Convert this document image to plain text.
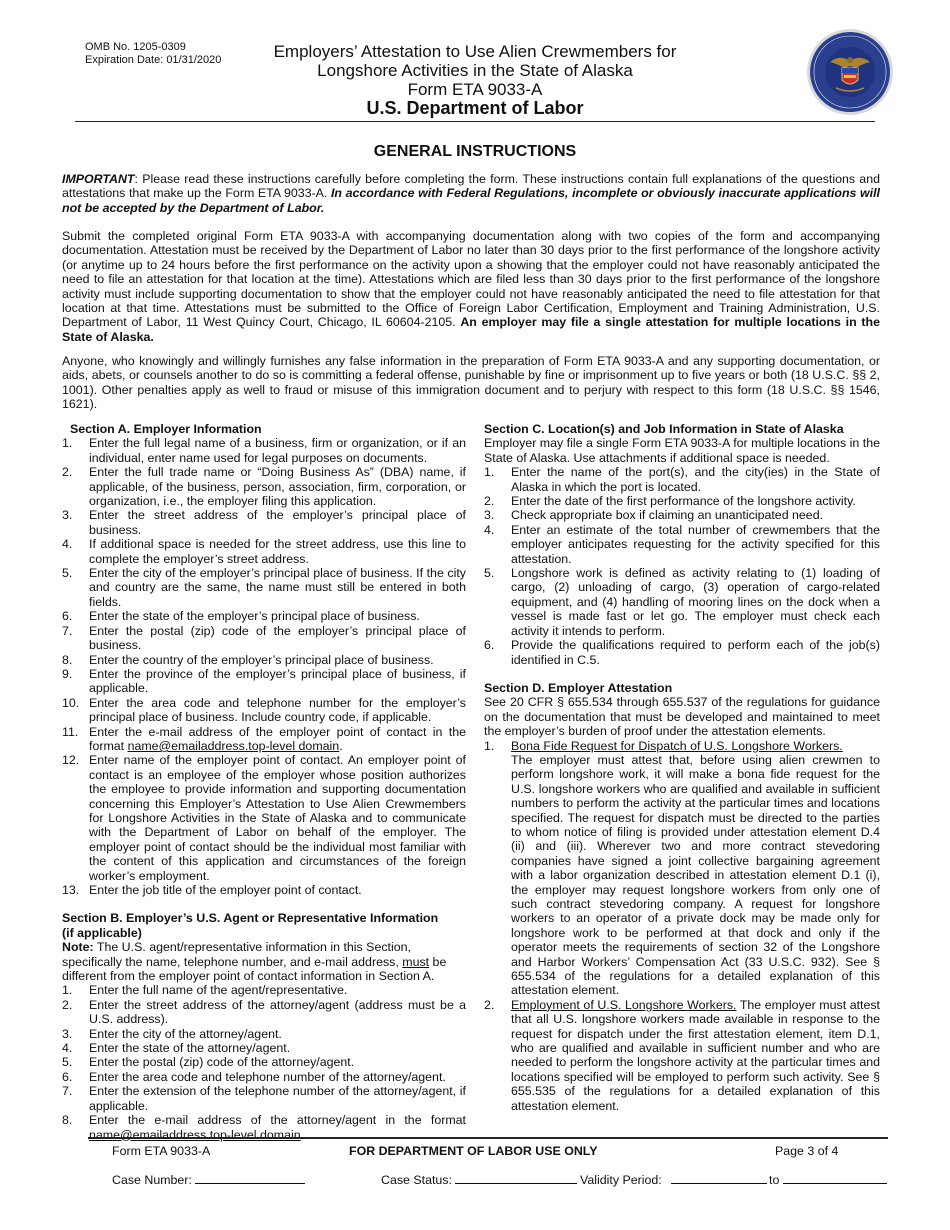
OMB No. 1205-0309
Expiration Date: 01/31/2020	Employers’ Attestation to Use Alien Crewmembers for
Longshore Activities in the State of Alaska
Form ETA 9033-A
U.S. Department of Labor
GENERAL INSTRUCTIONS
IMPORTANT: Please read these instructions carefully before completing the form. These instructions contain full explanations of the questions and attestations that make up the Form ETA 9033-A. In accordance with Federal Regulations, incomplete or obviously inaccurate applications will not be accepted by the Department of Labor.
Submit the completed original Form ETA 9033-A with accompanying documentation along with two copies of the form and accompanying documentation. Attestation must be received by the Department of Labor no later than 30 days prior to the first performance of the longshore activity (or anytime up to 24 hours before the first performance on the activity upon a showing that the employer could not have reasonably anticipated the need to file an attestation for that location at the time). Attestations which are filed less than 30 days prior to the first performance of the longshore activity must include supporting documentation to show that the employer could not have reasonably anticipated the need to file attestation for that location at that time. Attestations must be submitted to the Office of Foreign Labor Certification, Employment and Training Administration, U.S. Department of Labor, 11 West Quincy Court, Chicago, IL 60604-2105. An employer may file a single attestation for multiple locations in the State of Alaska.
Anyone, who knowingly and willingly furnishes any false information in the preparation of Form ETA 9033-A and any supporting documentation, or aids, abets, or counsels another to do so is committing a federal offense, punishable by fine or imprisonment up to five years or both (18 U.S.C. §§ 2, 1001). Other penalties apply as well to fraud or misuse of this immigration document and to perjury with respect to this form (18 U.S.C. §§ 1546, 1621).
Section A. Employer Information
1.	Enter the full legal name of a business, firm or organization, or if an individual, enter name used for legal purposes on documents.
2.	Enter the full trade name or “Doing Business As” (DBA) name, if applicable, of the business, person, association, firm, corporation, or organization, i.e., the employer filing this application.
3.	Enter the street address of the employer’s principal place of business.
4.	If additional space is needed for the street address, use this line to complete the employer’s street address.
5.	Enter the city of the employer’s principal place of business. If the city and country are the same, the name must still be entered in both fields.
6.	Enter the state of the employer’s principal place of business.
7.	Enter the postal (zip) code of the employer’s principal place of business.
8.	Enter the country of the employer’s principal place of business.
9.	Enter the province of the employer’s principal place of business, if applicable.
10. Enter the area code and telephone number for the employer’s principal place of business. Include country code, if applicable.
11. Enter the e-mail address of the employer point of contact in the format name@emailaddress.top-level domain.
12. Enter name of the employer point of contact. An employer point of contact is an employee of the employer whose position authorizes the employee to provide information and supporting documentation concerning this Employer’s Attestation to Use Alien Crewmembers for Longshore Activities in the State of Alaska and to communicate with the Department of Labor on behalf of the employer. The employer point of contact should be the individual most familiar with the content of this application and circumstances of the foreign worker’s employment.
13. Enter the job title of the employer point of contact.
Section B. Employer’s U.S. Agent or Representative Information
(if applicable)
Note: The U.S. agent/representative information in this Section, specifically the name, telephone number, and e-mail address, must be different from the employer point of contact information in Section A.
1.	Enter the full name of the agent/representative.
2.	Enter the street address of the attorney/agent (address must be a U.S. address).
3.	Enter the city of the attorney/agent.
4.	Enter the state of the attorney/agent.
5.	Enter the postal (zip) code of the attorney/agent.
6.	Enter the area code and telephone number of the attorney/agent.
7.	Enter the extension of the telephone number of the attorney/agent, if applicable.
8.	Enter the e-mail address of the attorney/agent in the format name@emailaddress.top-level domain.
Section C. Location(s) and Job Information in State of Alaska
Employer may file a single Form ETA 9033-A for multiple locations in the State of Alaska. Use attachments if additional space is needed.
1.	Enter the name of the port(s), and the city(ies) in the State of Alaska in which the port is located.
2.	Enter the date of the first performance of the longshore activity.
3.	Check appropriate box if claiming an unanticipated need.
4.	Enter an estimate of the total number of crewmembers that the employer anticipates requesting for the activity specified for this attestation.
5.	Longshore work is defined as activity relating to (1) loading of cargo, (2) unloading of cargo, (3) operation of cargo-related equipment, and (4) handling of mooring lines on the dock when a vessel is made fast or let go. The employer must check each activity it intends to perform.
6.	Provide the qualifications required to perform each of the job(s) identified in C.5.
Section D. Employer Attestation
See 20 CFR § 655.534 through 655.537 of the regulations for guidance on the documentation that must be developed and maintained to meet the employer’s burden of proof under the attestation elements.
1.	Bona Fide Request for Dispatch of U.S. Longshore Workers.
The employer must attest that, before using alien crewmen to perform longshore work, it will make a bona fide request for the U.S. longshore workers who are qualified and available in sufficient numbers to perform the activity at the particular times and locations specified. The request for dispatch must be directed to the parties to whom notice of filing is provided under attestation element D.4 (ii) and (iii). Wherever two and more contract stevedoring companies have signed a joint collective bargaining agreement with a labor organization described in attestation element D.1 (i), the employer may request longshore workers from only one of such contract stevedoring company. A request for longshore workers to an operator of a private dock may be made only for longshore work to be performed at that dock and only if the operator meets the requirements of section 32 of the Longshore and Harbor Workers’ Compensation Act (33 U.S.C. 932). See § 655.534 of the regulations for a detailed explanation of this attestation element.
2.	Employment of U.S. Longshore Workers. The employer must attest that all U.S. longshore workers made available in response to the request for dispatch under the first attestation element, item D.1, who are qualified and available in sufficient number and who are needed to perform the longshore activity at the particular times and locations specified will be employed to perform such activity. See § 655.535 of the regulations for a detailed explanation of this attestation element.
Form ETA 9033-A	FOR DEPARTMENT OF LABOR USE ONLY	Page 3 of 4
Case Number:	Case Status:	Validity Period:	to
